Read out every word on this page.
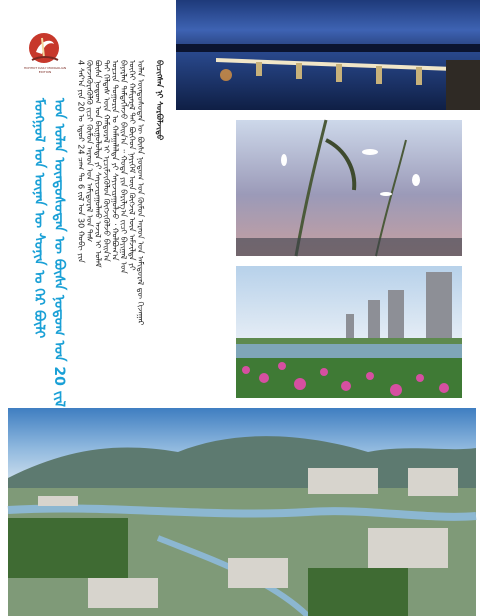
HOHHOT DAILY MONGOLIAN EDITION
ᠮᠣᠩᠭᠣᠯ ᠤᠨ ᠦᠨᠡᠨ ᠦ ᠰᠣᠨᠢᠨ ᠤ ᠭᠡᠷ ᠪᠦᠯᠢ ᠤᠨ ᠣᠯᠠᠨ ᠦᠨᠳᠦᠰᠦᠲᠡᠨ ᠦ ᠪᠦᠰᠡ ᠨᠤᠲᠤᠭ ᠤᠨ 20 ᠵᠢᠯ	ᠪᠢᠴᠢᠭᠰᠡᠨ ᠨᠢ ᠰᠤᠷᠪᠤᠯᠵᠢᠲᠤ
ᠣᠯᠠᠨ ᠦᠨᠳᠦᠰᠦᠲᠡᠨ ᠦ ᠪᠦᠰᠡ ᠨᠤᠲᠤᠭ ᠤᠨ ᠬᠦᠮᠦᠨ ᠠᠷᠠᠳ ᠤᠨ ᠠᠮᠢᠳᠤᠷᠠᠯ ᠳᠦ ᠬᠢᠵᠠᠭᠠᠷ
ᠦᠭᠡᠢ ᠬᠠᠮᠢᠶᠠᠷᠠᠯ ᠲᠠᠢ ᠪᠥᠭᠡᠳ ᠨᠡᠶᠢᠭᠡᠮ ᠦᠨ ᠬᠥᠭᠵᠢᠯ ᠦᠨ ᠠᠮᠵᠢᠯᠲᠠ ᠶᠢ
ᠪᠠᠶᠠᠷᠯᠠᠨ ᠲᠡᠮᠳᠡᠭᠯᠡᠵᠦ ᠪᠠᠢᠨ᠎ᠠ ᠃ ᠬᠣᠲᠠ ᠶᠢᠨ ᠪᠠᠷᠢᠯᠭ᠎ᠠ ᠵᠢᠴᠢ ᠪᠠᠶᠢᠭᠠᠯ ᠤᠨ
ᠣᠷᠴᠢᠨ ᠲᠣᠭᠣᠷᠢᠨ ᠤ ᠬᠠᠮᠠᠭᠠᠯᠠᠯᠲᠠ ᠶᠢ ᠰᠠᠶᠢᠵᠢᠷᠠᠭᠤᠯᠵᠤ ᠂ ᠬᠣᠯᠪᠣᠭ᠎ᠠ
ᠲᠡᠢ ᠬᠡᠯᠲᠡᠰ ᠦᠨ ᠬᠠᠮᠲᠤᠷᠠᠯ ᠢ ᠡᠷᠴᠢᠮᠵᠢᠭᠦᠯᠦᠨ ᠬᠥᠭᠵᠢᠭᠦᠯᠵᠦ ᠪᠠᠢᠨ᠎ᠠ
ᠪᠦᠰᠡ ᠨᠤᠲᠤᠭ ᠤᠨ ᠪᠠᠢᠭᠤᠯᠤᠯᠲᠠ ᠶᠢ ᠰᠠᠶᠢᠵᠢᠷᠠᠭᠤᠯᠬᠤ ᠠᠵᠢᠯ ᠢ ᠤᠯᠠᠮ
ᠭᠦᠨᠵᠡᠭᠦᠷᠡᠭᠦᠯᠬᠦ ᠵᠢᠴᠢ ᠬᠦᠮᠦᠨ ᠠᠷᠠᠳ ᠤᠨ ᠠᠮᠢᠳᠤᠷᠠᠯ ᠤᠨ ᠳᠡᠰ
4 ᠰᠠᠷ᠎ᠠ ᠶᠢᠨ 20 ᠤ ᠡᠳᠦᠷ 24 ᠴᠠᠭ ᠲᠤ 6 ᠵᠢᠯ ᠤᠨ 30 ᠬᠤᠪᠢ ᠶᠢᠨ
